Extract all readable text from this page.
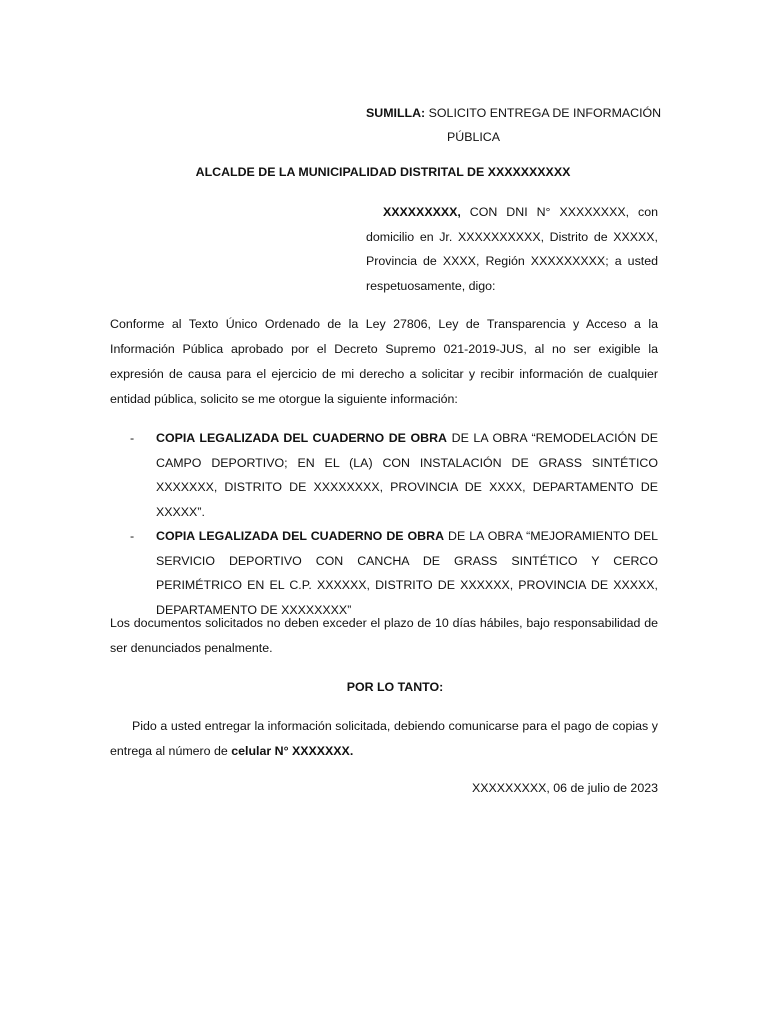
SUMILLA: SOLICITO ENTREGA DE INFORMACIÓN
PÚBLICA
ALCALDE DE LA MUNICIPALIDAD DISTRITAL DE XXXXXXXXXX
XXXXXXXXX, CON DNI N° XXXXXXXX, con domicilio en Jr. XXXXXXXXXX, Distrito de XXXXX, Provincia de XXXX, Región XXXXXXXXX; a usted respetuosamente, digo:
Conforme al Texto Único Ordenado de la Ley 27806, Ley de Transparencia y Acceso a la Información Pública aprobado por el Decreto Supremo 021-2019-JUS, al no ser exigible la expresión de causa para el ejercicio de mi derecho a solicitar y recibir información de cualquier entidad pública, solicito se me otorgue la siguiente información:
- COPIA LEGALIZADA DEL CUADERNO DE OBRA DE LA OBRA “REMODELACIÓN DE CAMPO DEPORTIVO; EN EL (LA) CON INSTALACIÓN DE GRASS SINTÉTICO XXXXXXX, DISTRITO DE XXXXXXXX, PROVINCIA DE XXXX, DEPARTAMENTO DE XXXXX”.
- COPIA LEGALIZADA DEL CUADERNO DE OBRA DE LA OBRA “MEJORAMIENTO DEL SERVICIO DEPORTIVO CON CANCHA DE GRASS SINTÉTICO Y CERCO PERIMÉTRICO EN EL C.P. XXXXXX, DISTRITO DE XXXXXX, PROVINCIA DE XXXXX, DEPARTAMENTO DE XXXXXXXX”
Los documentos solicitados no deben exceder el plazo de 10 días hábiles, bajo responsabilidad de ser denunciados penalmente.
POR LO TANTO:
Pido a usted entregar la información solicitada, debiendo comunicarse para el pago de copias y entrega al número de celular N° XXXXXXX.
XXXXXXXXX, 06 de julio de 2023
